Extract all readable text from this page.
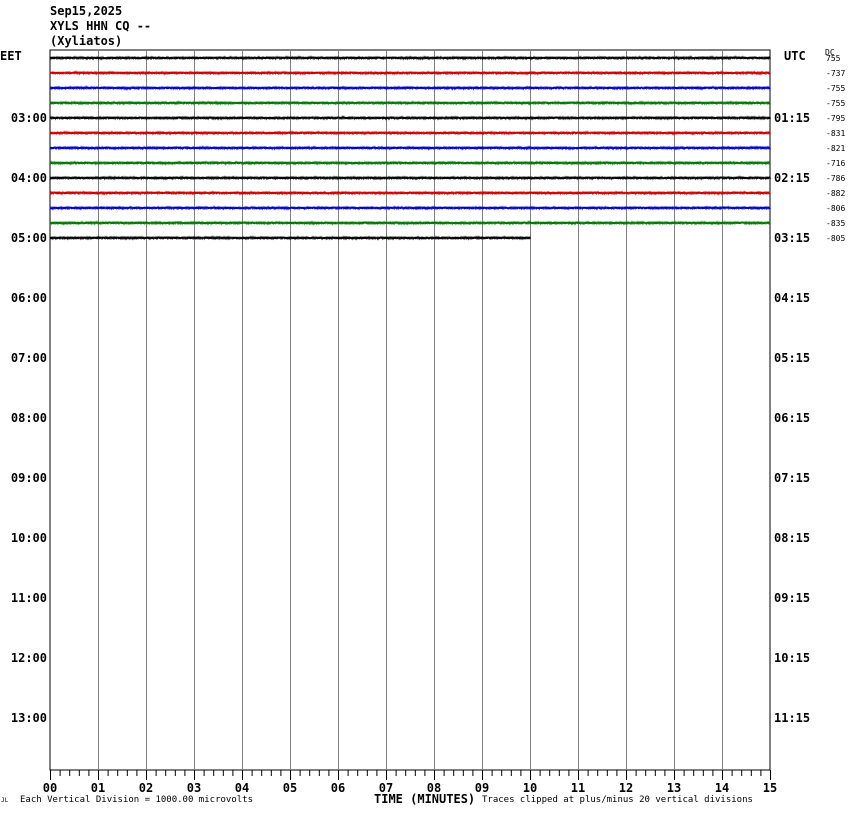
Sep15,2025
XYLS HHN CQ --
(Xyliatos)
EET	UTC DC
00	01	02	03	04	05	06	07	08	09	10	11	12	13	14	15
03:00	01:15
04:00	02:15
05:00	03:15
06:00	04:15
07:00	05:15
08:00	06:15
09:00	07:15
10:00	08:15
11:00	09:15
12:00	10:15
13:00	11:15
755
-737
-755
-755
-795
-831
-821
-716
-786
-882
-806
-835
-805
TIME (MINUTES)
JL Each Vertical Division = 1000.00 microvolts	Traces clipped at plus/minus 20 vertical divisions
